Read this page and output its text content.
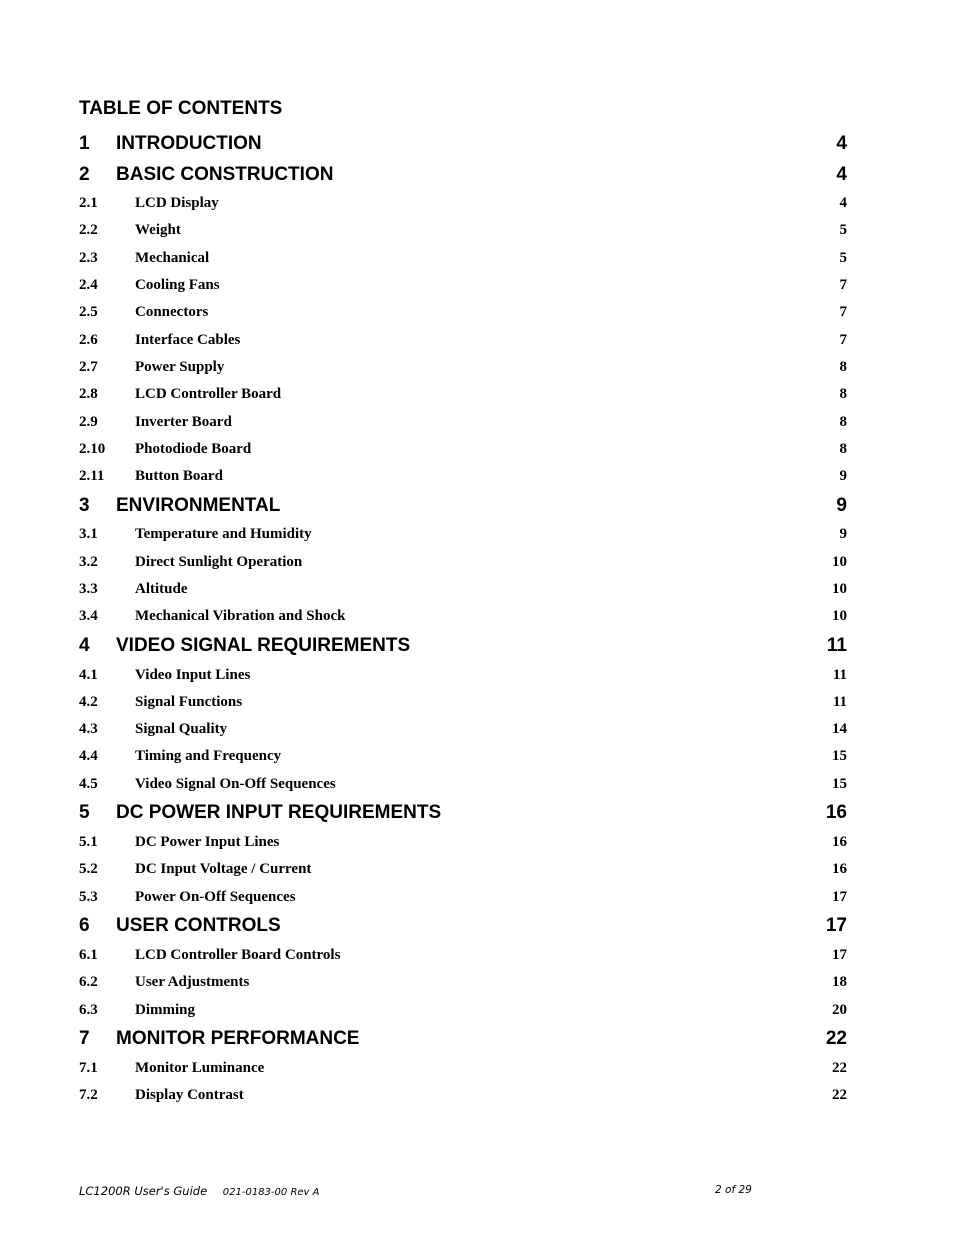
TABLE OF CONTENTS
1	INTRODUCTION	4
2	BASIC CONSTRUCTION	4
2.1	LCD Display	4
2.2	Weight	5
2.3	Mechanical	5
2.4	Cooling Fans	7
2.5	Connectors	7
2.6	Interface Cables	7
2.7	Power Supply	8
2.8	LCD Controller Board	8
2.9	Inverter Board	8
2.10	Photodiode Board	8
2.11	Button Board	9
3	ENVIRONMENTAL	9
3.1	Temperature and Humidity	9
3.2	Direct Sunlight Operation	10
3.3	Altitude	10
3.4	Mechanical Vibration and Shock	10
4	VIDEO SIGNAL REQUIREMENTS	11
4.1	Video Input Lines	11
4.2	Signal Functions	11
4.3	Signal Quality	14
4.4	Timing and Frequency	15
4.5	Video Signal On-Off Sequences	15
5	DC POWER INPUT REQUIREMENTS	16
5.1	DC Power Input Lines	16
5.2	DC Input Voltage / Current	16
5.3	Power On-Off Sequences	17
6	USER CONTROLS	17
6.1	LCD Controller Board Controls	17
6.2	User Adjustments	18
6.3	Dimming	20
7	MONITOR PERFORMANCE	22
7.1	Monitor Luminance	22
7.2	Display Contrast	22
LC1200R User's Guide 021-0183-00 Rev A	2 of 29
